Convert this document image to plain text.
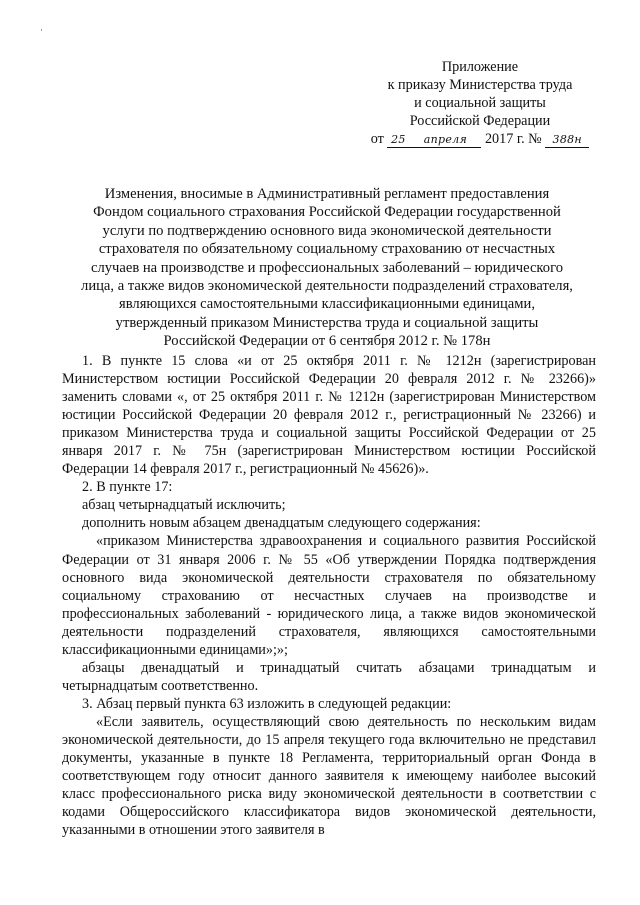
·
Приложение
к приказу Министерства труда
и социальной защиты
Российской Федерации
от 25 апреля 2017 г. № 388н
Изменения, вносимые в Административный регламент предоставления
Фондом социального страхования Российской Федерации государственной
услуги по подтверждению основного вида экономической деятельности
страхователя по обязательному социальному страхованию от несчастных
случаев на производстве и профессиональных заболеваний – юридического
лица, а также видов экономической деятельности подразделений страхователя,
являющихся самостоятельными классификационными единицами,
утвержденный приказом Министерства труда и социальной защиты
Российской Федерации от 6 сентября 2012 г. № 178н

1. В пункте 15 слова «и от 25 октября 2011 г. № 1212н (зарегистрирован Министерством юстиции Российской Федерации 20 февраля 2012 г. № 23266)» заменить словами «, от 25 октября 2011 г. № 1212н (зарегистрирован Министерством юстиции Российской Федерации 20 февраля 2012 г., регистрационный № 23266) и приказом Министерства труда и социальной защиты Российской Федерации от 25 января 2017 г. № 75н (зарегистрирован Министерством юстиции Российской Федерации 14 февраля 2017 г., регистрационный № 45626)».

2. В пункте 17:

абзац четырнадцатый исключить;

дополнить новым абзацем двенадцатым следующего содержания:

«приказом Министерства здравоохранения и социального развития Российской Федерации от 31 января 2006 г. № 55 «Об утверждении Порядка подтверждения основного вида экономической деятельности страхователя по обязательному социальному страхованию от несчастных случаев на производстве и профессиональных заболеваний - юридического лица, а также видов экономической деятельности подразделений страхователя, являющихся самостоятельными классификационными единицами»;»;

абзацы двенадцатый и тринадцатый считать абзацами тринадцатым и четырнадцатым соответственно.

3. Абзац первый пункта 63 изложить в следующей редакции:

«Если заявитель, осуществляющий свою деятельность по нескольким видам экономической деятельности, до 15 апреля текущего года включительно не представил документы, указанные в пункте 18 Регламента, территориальный орган Фонда в соответствующем году относит данного заявителя к имеющему наиболее высокий класс профессионального риска виду экономической деятельности в соответствии с кодами Общероссийского классификатора видов экономической деятельности, указанными в отношении этого заявителя в
